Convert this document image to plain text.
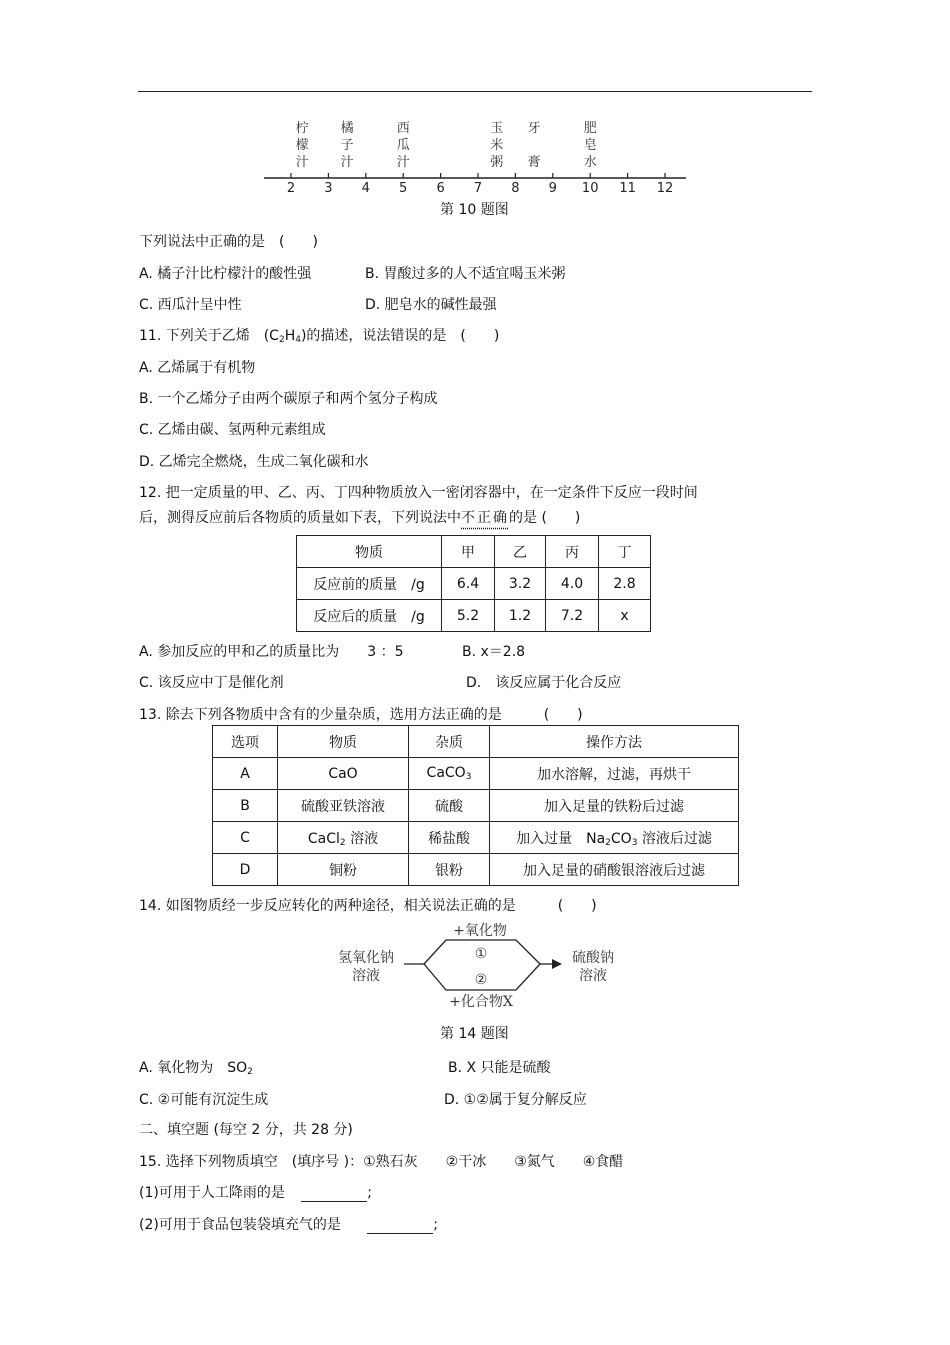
柠
檬
汁
橘
子
汁
西
瓜
汁
玉
米
粥
牙
膏
肥
皂
水
2 3 4 5 6 7 8 9 10 11 12
第 10 题图
下列说法中正确的是　(　　)
A. 橘子汁比柠檬汁的酸性强	B. 胃酸过多的人不适宜喝玉米粥
C. 西瓜汁呈中性	D. 肥皂水的碱性最强
11. 下列关于乙烯　$(C_2H_4)$的描述，说法错误的是　(　　)
A. 乙烯属于有机物
B. 一个乙烯分子由两个碳原子和两个氢分子构成
C. 乙烯由碳、氢两种元素组成
D. 乙烯完全燃烧，生成二氧化碳和水
12. 把一定质量的甲、乙、丙、丁四种物质放入一密闭容器中，在一定条件下反应一段时间
后，测得反应前后各物质的质量如下表，下列说法中不正确的是 (　　)
物质	甲	乙	丙	丁
反应前的质量　/g	6.4	3.2	4.0	2.8
反应后的质量　/g	5.2	1.2	7.2	x
A. 参加反应的甲和乙的质量比为　　3 ：5	B. x＝2.8
C. 该反应中丁是催化剂	D.　该反应属于化合反应
13. 除去下列各物质中含有的少量杂质，选用方法正确的是　　　(　　)
选项	物质	杂质	操作方法
A	CaO	CaCO$_3$	加水溶解，过滤，再烘干
B	硫酸亚铁溶液	硫酸	加入足量的铁粉后过滤
C	CaCl$_2$ 溶液	稀盐酸	加入过量　$Na_2CO_3$ 溶液后过滤
D	铜粉	银粉	加入足量的硝酸银溶液后过滤
14. 如图物质经一步反应转化的两种途径，相关说法正确的是　　　(　　)
氢氧化钠
溶液
硫酸钠
溶液
+氧化物
①
②
+化合物X
第 14 题图
A. 氧化物为　$SO_2$	B. X 只能是硫酸
C. ②可能有沉淀生成	D. ①②属于复分解反应
二、填空题 (每空 2 分，共 28 分)
15. 选择下列物质填空　(填序号 )：①熟石灰　　②干冰　　③氮气　　④食醋
(1)可用于人工降雨的是	;
(2)可用于食品包装袋填充气的是	;
